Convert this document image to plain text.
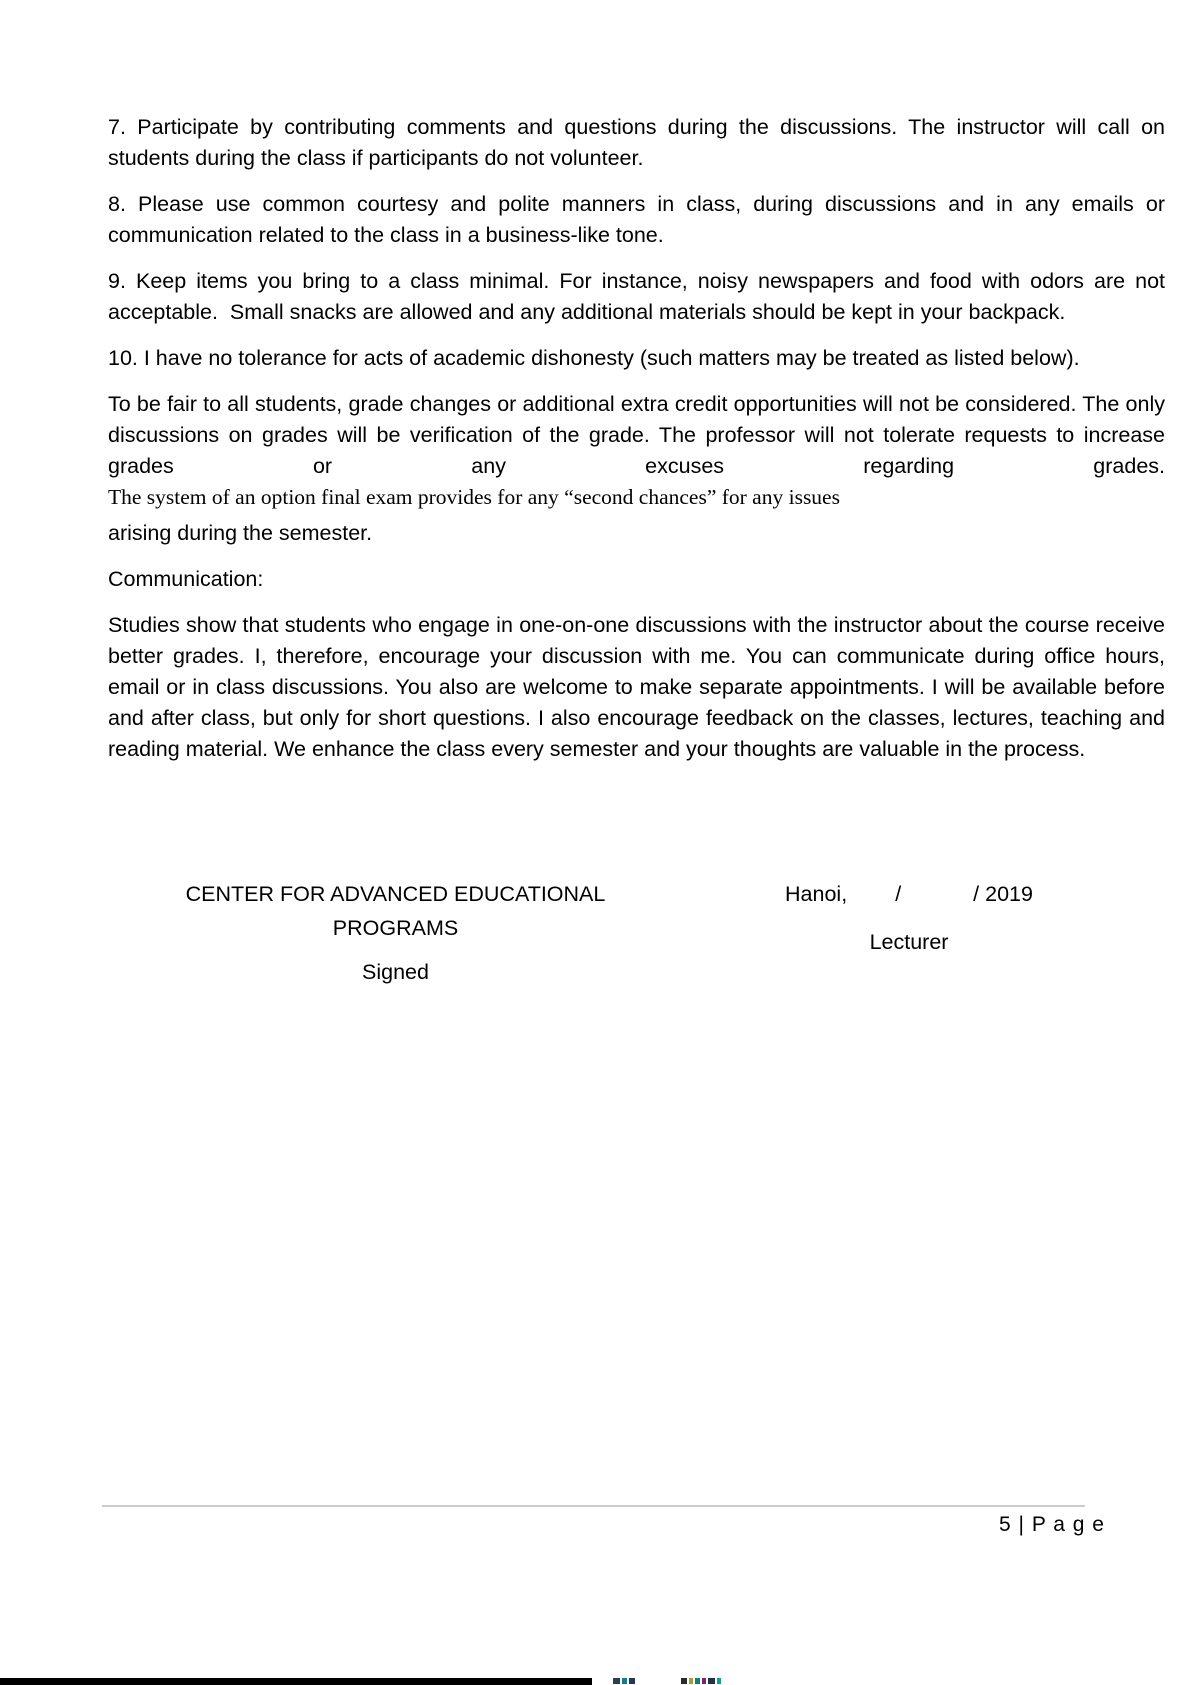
7. Participate by contributing comments and questions during the discussions. The instructor will call on students during the class if participants do not volunteer.

8. Please use common courtesy and polite manners in class, during discussions and in any emails or communication related to the class in a business-like tone.

9. Keep items you bring to a class minimal. For instance, noisy newspapers and food with odors are not acceptable.  Small snacks are allowed and any additional materials should be kept in your backpack.

10. I have no tolerance for acts of academic dishonesty (such matters may be treated as listed below).

To be fair to all students, grade changes or additional extra credit opportunities will not be considered. The only discussions on grades will be verification of the grade. The professor will not tolerate requests to increase grades or any excuses regarding grades.
The system of an option final exam provides for any “second chances” for any issues
arising during the semester.

Communication:

Studies show that students who engage in one-on-one discussions with the instructor about the course receive better grades. I, therefore, encourage your discussion with me. You can communicate during office hours, email or in class discussions. You also are welcome to make separate appointments. I will be available before and after class, but only for short questions. I also encourage feedback on the classes, lectures, teaching and reading material. We enhance the class every semester and your thoughts are valuable in the process.

CENTER FOR ADVANCED EDUCATIONAL
PROGRAMS
Signed
Hanoi, /	/ 2019
Lecturer
5 | P a g e
